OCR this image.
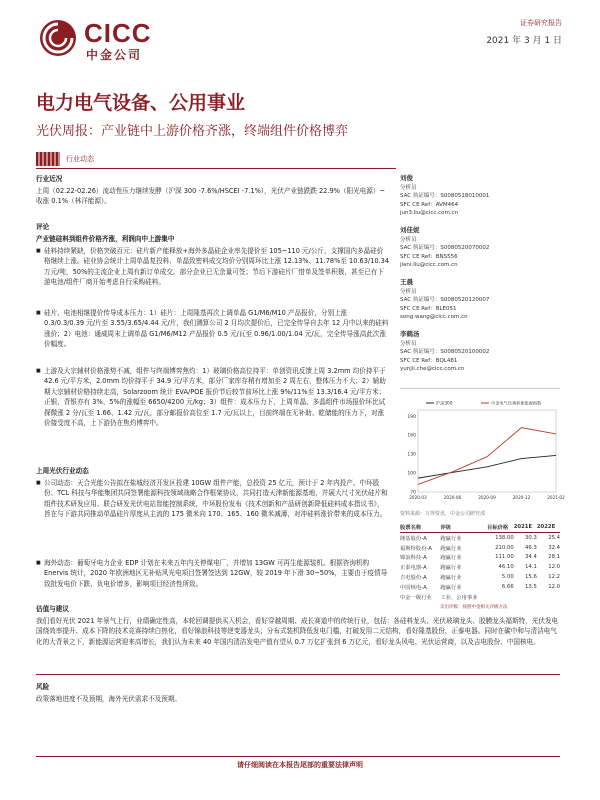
CICC
中金公司
证券研究报告
2021 年 3 月 1 日
电力电气设备、公用事业
光伏周报：产业链中上游价格齐涨，终端组件价格博弈
行业动态
行业近况
上周（02.22-02.26）流动性压力继续发酵（沪深 300 -7.6%/HSCEI -7.1%），光伏产业链跌跌 22.9%（阳光电源）~收涨 0.1%（林洋能源）。
评论
产业链硅料到组件价格齐涨，利润向中上游集中
■ 硅料持续紧缺，价格突破百元：硅片新产能释放+海外多晶硅企业率先提价至 105~110 元/公斤，支撑国内多晶硅价格继续上涨。硅业协会统计上周单晶复投料、单晶致密料成交均价分别周环比上涨 12.13%、11.78%至 10.63/10.34 万元/吨，50%的主流企业上周有新订单成交。部分企业已无余量可签；节后下游硅片厂惜单及签单积极，甚至已有下游电池/组件厂商开始考虑自行采购硅料。
■ 硅片、电池相继提价传导成本压力：1）硅片：上周隆基再次上调单晶 G1/M6/M10 产品报价，分别上涨 0.3/0.3/0.39 元/片至 3.55/3.65/4.44 元/片，我们测算公司 2 月均次提价后，已完全传导自去年 12 月中以来的硅料涨价；2）电池：通威周末上调单晶 G1/M6/M12 产品报价 0.5 元/瓦至 0.96/1.00/1.04 元/瓦，完全传导涨高此次涨价幅度。
■ 上游及大宗辅材价格涨势不减，组件与终端博弈焦灼：1）玻璃价格高位持平：单创资讯反馈上周 3.2mm 均价持平于 42.6 元/平方米，2.0mm 均价持平于 34.9 元/平方米，部分厂家库存稍有增加至 2 周左右，整体压力不大；2）辅助期大宗辅材价格持续走高，Solarzoom 统计 EVA/POE 报价节后较节前环比上涨 9%/11%至 13.3/16.4 元/平方米；正银、背银亦有 3%、5%的涨幅至 6650/4200 元/kg；3）组件：成本压力下，上周单晶、多晶组件市场报价环比试探微涨 2 分/瓦至 1.66、1.42 元/瓦，部分邮报价高位至 1.7 元/瓦以上，目前终端在无补助、乾储能的压力下，对涨价接受度不高，上下游仍在焦灼博弈中。
上周光伏行业动态
■ 公司动态：天合光能公告拟在盐城经济开发区投建 10GW 组件产能，总投资 25 亿元，预计于 2 年内投产。中环股份、TCL 科技与华能集团共同签署能源科技领域战略合作框架协议，共同打造天津新能源基地，并展大尺寸光伏硅片和组件技术研发应用、联合研发光伏电站智能控制系统，中环股份发布《技术创新和产品研创新降低硅料成本指议书》，旨在与下游共同推动单晶硅片厚度从主流的 175 微米向 170、165、160 微米减薄，对冲硅料涨价带来的成本压力。
■ 海外动态：葡萄牙电力企业 EDP 计划在未来五年内关停煤电厂，并增加 13GW 可再生能源装机。根据咨询机构 Enervis 统计，2020 年欧洲地区无补贴风光电项目签署签达到 12GW，较 2019 年下滑 30~50%，主要由于疫情导致批发电价下跌、负电价增多，影响项目经济性所致。
估值与建议
我们看好光伏 2021 年景气上行，业绩确定性高，本轮回调提供买入机会，看好穿越周期、成长赛道中的传统行业，包括：各硅料龙头、光伏玻璃龙头、胶膜龙头福斯特，光伏发电国绕效率提升、成本下降的技术竞赛持续白热化，看好锦浪科技等逆变器龙头；分布式装机降低发电门槛，打破发用二元结构，看好隆基股份，正泰电器。同时在碳中和与清洁电气化的大背景之下，新能源运营迎来高增长，我们认为未来 40 年国内清洁发电产值有望从 0.7 万亿扩张到 6 万亿元，看好龙头风电、光伏运营商，以及吉电股份、中国核电。
风险
政策落地进度不及预期，海外光伏需求不及预期。
刘俊
分析员
SAC 执证编号：S0080518010001
SFC CE Ref：AVM464
jun3.liu@cicc.com.cn
刘佳妮
分析员
SAC 执证编号：S0080520070002
SFC CE Ref：BNS556
jiani.liu@cicc.com.cn
王晨
分析员
SAC 执证编号：S0080520120007
SFC CE Ref：BLE051
song.wang@cicc.com.cn
李鹤汤
分析员
SAC 执证编号：S0080520100002
SFC CE Ref：BQL481
yunjii.che@cicc.com.cn
70
100
130
160
190
2020-03	2020-06	2020-09	2020-12	2021-02
沪深300	中金电气设备和新能源指数
资料来源：万得资讯，中金公司研究部
股票名称	评级	目标价格	2021E	2022E
隆基股份-A	跑赢行业	138.00	30.3	25.4
福斯特股份-A	跑赢行业	210.00	46.3	32.4
锦浪科技-A	跑赢行业	111.00	34.4	28.1
正泰电器-A	跑赢行业	46.10	14.1	12.0
吉电股份-A	跑赢行业	5.00	15.6	12.2
中国核电-A	跑赢行业	6.66	13.5	12.0
中金一级行业	工业、公用事业			
卖出评级：按照中金相关评级方法
请仔细阅读在本报告尾部的重要法律声明
